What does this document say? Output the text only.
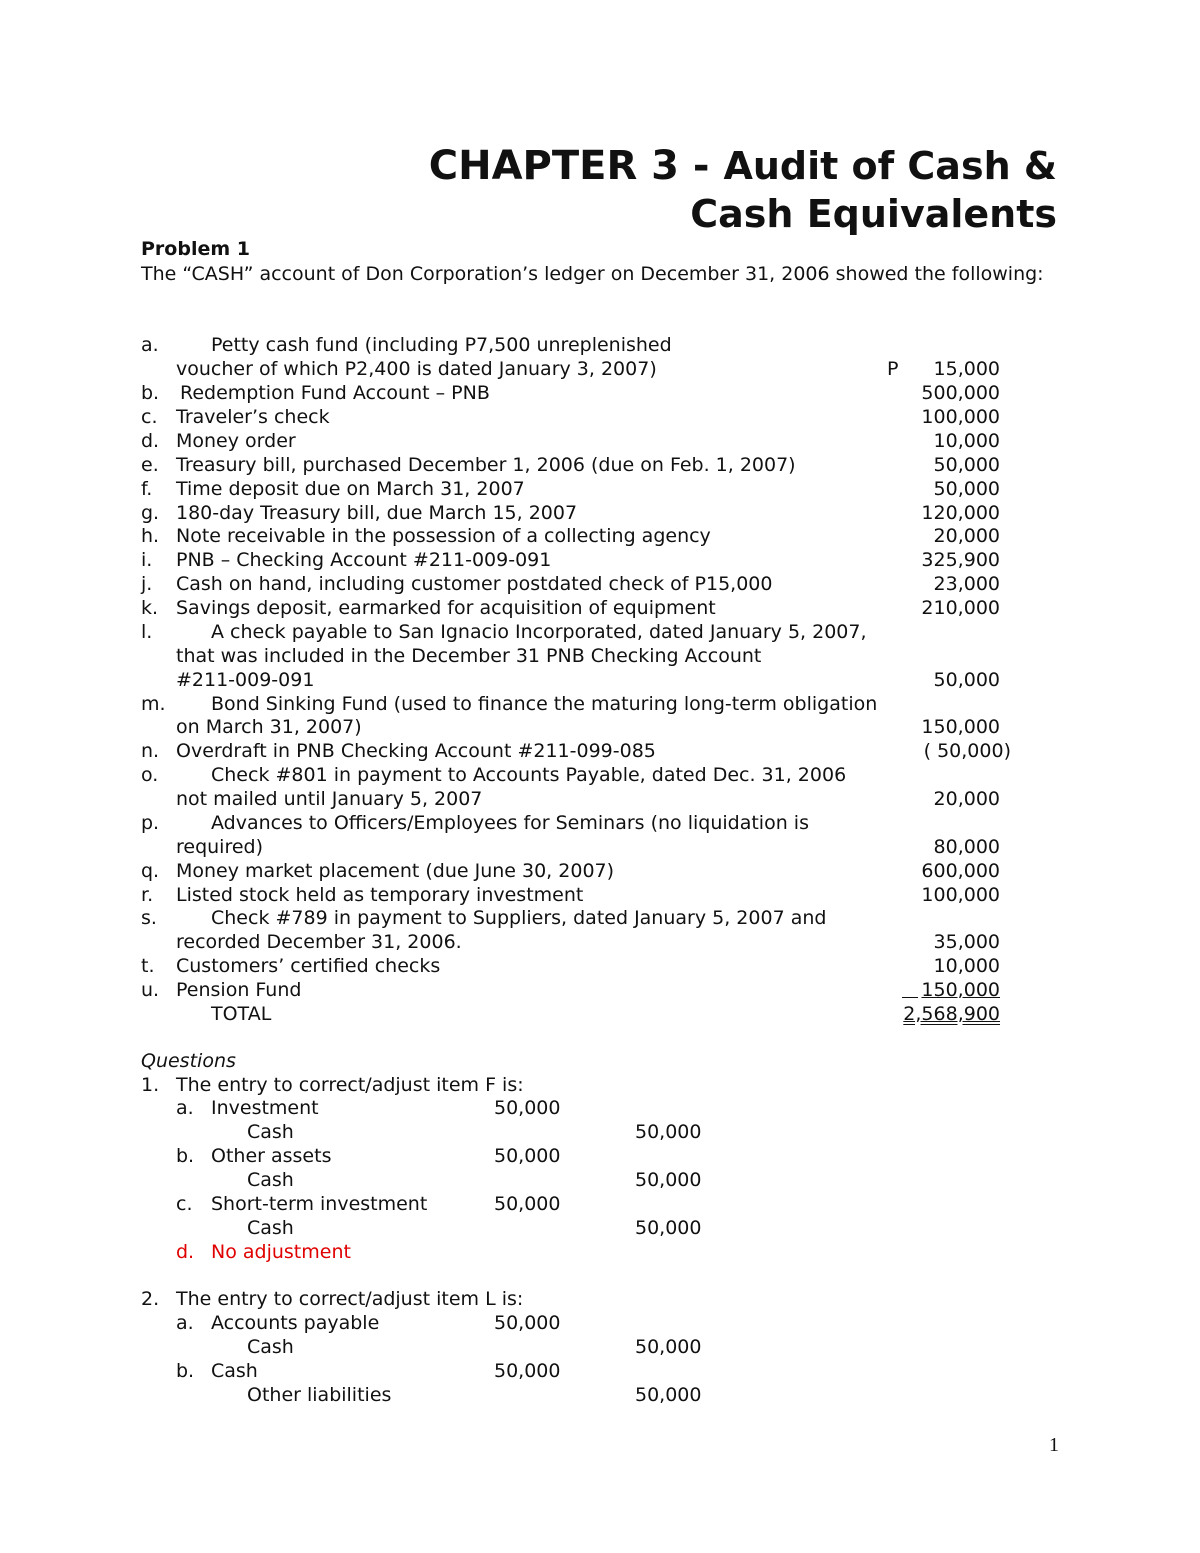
CHAPTER 3 - Audit of Cash &
Cash Equivalents
Problem 1
The “CASH” account of Don Corporation’s ledger on December 31, 2006 showed the following:
a.	Petty cash fund (including P7,500 unreplenished
voucher of which P2,400 is dated January 3, 2007)	P 15,000
b. Redemption Fund Account – PNB	500,000
c. Traveler’s check	100,000
d. Money order	10,000
e. Treasury bill, purchased December 1, 2006 (due on Feb. 1, 2007)	50,000
f. Time deposit due on March 31, 2007	50,000
g. 180-day Treasury bill, due March 15, 2007	120,000
h. Note receivable in the possession of a collecting agency	20,000
i. PNB – Checking Account #211-009-091	325,900
j. Cash on hand, including customer postdated check of P15,000	23,000
k. Savings deposit, earmarked for acquisition of equipment	210,000
l.	A check payable to San Ignacio Incorporated, dated January 5, 2007,
that was included in the December 31 PNB Checking Account
#211-009-091	50,000
m. Bond Sinking Fund (used to finance the maturing long-term obligation
on March 31, 2007)	150,000
n. Overdraft in PNB Checking Account #211-099-085	( 50,000)
o.	Check #801 in payment to Accounts Payable, dated Dec. 31, 2006
not mailed until January 5, 2007	20,000
p.	Advances to Officers/Employees for Seminars (no liquidation is
required)	80,000
q. Money market placement (due June 30, 2007)	600,000
r. Listed stock held as temporary investment	100,000
s.	Check #789 in payment to Suppliers, dated January 5, 2007 and
recorded December 31, 2006.	35,000
t. Customers’ certified checks	10,000
u. Pension Fund	150,000
TOTAL	2,568,900
Questions
1. The entry to correct/adjust item F is:
a. Investment	50,000
Cash	50,000
b. Other assets	50,000
Cash	50,000
c. Short-term investment	50,000
Cash	50,000
d. No adjustment
2. The entry to correct/adjust item L is:
a. Accounts payable	50,000
Cash	50,000
b. Cash	50,000
Other liabilities	50,000
1
